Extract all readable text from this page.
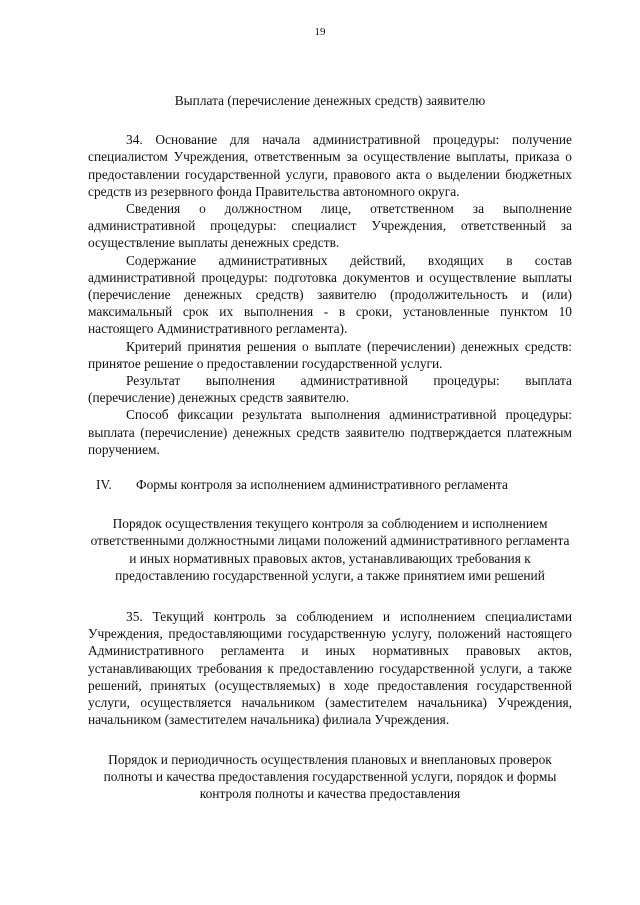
19

Выплата (перечисление денежных средств) заявителю

34. Основание для начала административной процедуры: получение специалистом Учреждения, ответственным за осуществление выплаты, приказа о предоставлении государственной услуги, правового акта о выделении бюджетных средств из резервного фонда Правительства автономного округа.

Сведения о должностном лице, ответственном за выполнение административной процедуры: специалист Учреждения, ответственный за осуществление выплаты денежных средств.

Содержание административных действий, входящих в состав административной процедуры: подготовка документов и осуществление выплаты (перечисление денежных средств) заявителю (продолжительность и (или) максимальный срок их выполнения - в сроки, установленные пунктом 10 настоящего Административного регламента).

Критерий принятия решения о выплате (перечислении) денежных средств: принятое решение о предоставлении государственной услуги.

Результат выполнения административной процедуры: выплата (перечисление) денежных средств заявителю.

Способ фиксации результата выполнения административной процедуры: выплата (перечисление) денежных средств заявителю подтверждается платежным поручением.

IV.	Формы контроля за исполнением административного регламента

Порядок осуществления текущего контроля за соблюдением и исполнением ответственными должностными лицами положений административного регламента и иных нормативных правовых актов, устанавливающих требования к предоставлению государственной услуги, а также принятием ими решений

35. Текущий контроль за соблюдением и исполнением специалистами Учреждения, предоставляющими государственную услугу, положений настоящего Административного регламента и иных нормативных правовых актов, устанавливающих требования к предоставлению государственной услуги, а также решений, принятых (осуществляемых) в ходе предоставления государственной услуги, осуществляется начальником (заместителем начальника) Учреждения, начальником (заместителем начальника) филиала Учреждения.

Порядок и периодичность осуществления плановых и внеплановых проверок полноты и качества предоставления государственной услуги, порядок и формы контроля полноты и качества предоставления
